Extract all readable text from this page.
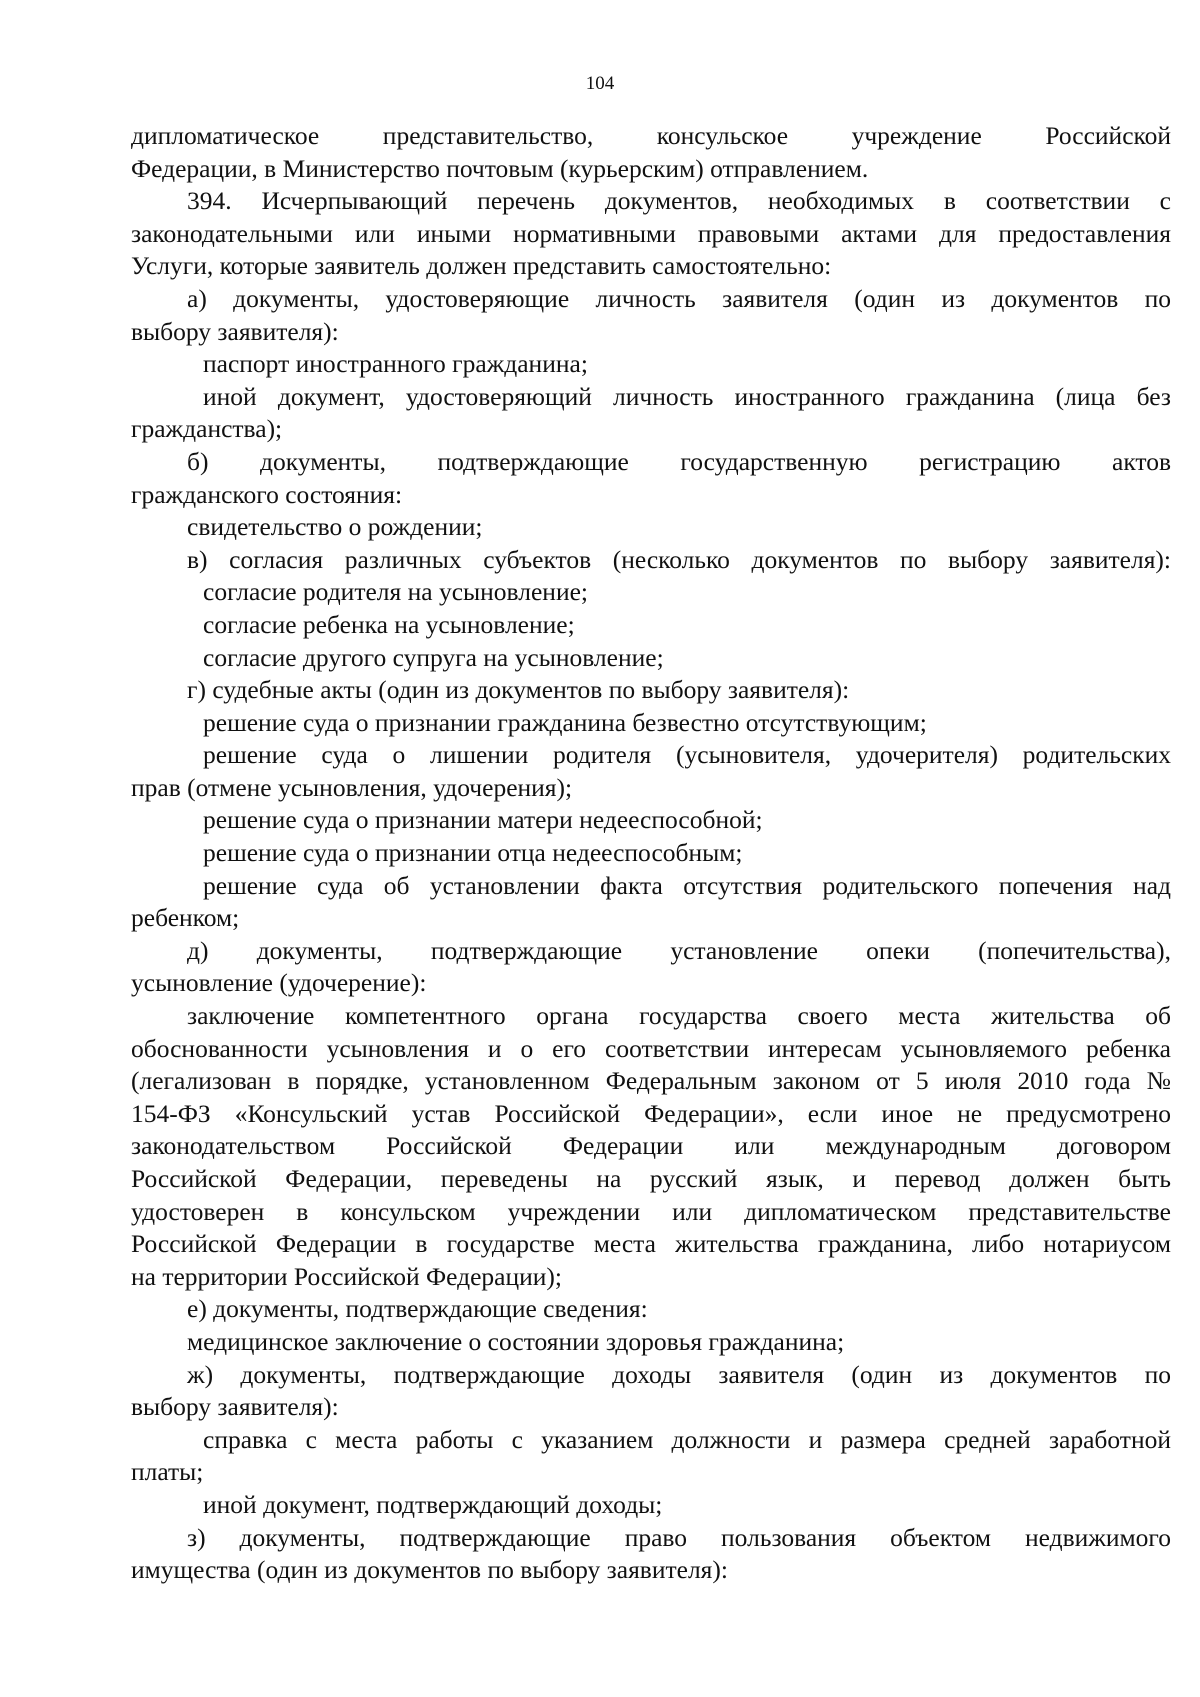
104

дипломатическое представительство, консульское учреждение Российской

Федерации, в Министерство почтовым (курьерским) отправлением.

394. Исчерпывающий перечень документов, необходимых в соответствии с

законодательными или иными нормативными правовыми актами для предоставления

Услуги, которые заявитель должен представить самостоятельно:

а) документы, удостоверяющие личность заявителя (один из документов по

выбору заявителя):

паспорт иностранного гражданина;

иной документ, удостоверяющий личность иностранного гражданина (лица без

гражданства);

б) документы, подтверждающие государственную регистрацию актов

гражданского состояния:

свидетельство о рождении;

в) согласия различных субъектов (несколько документов по выбору заявителя):

согласие родителя на усыновление;

согласие ребенка на усыновление;

согласие другого супруга на усыновление;

г) судебные акты (один из документов по выбору заявителя):

решение суда о признании гражданина безвестно отсутствующим;

решение суда о лишении родителя (усыновителя, удочерителя) родительских

прав (отмене усыновления, удочерения);

решение суда о признании матери недееспособной;

решение суда о признании отца недееспособным;

решение суда об установлении факта отсутствия родительского попечения над

ребенком;

д) документы, подтверждающие установление опеки (попечительства),

усыновление (удочерение):

заключение компетентного органа государства своего места жительства об

обоснованности усыновления и о его соответствии интересам усыновляемого ребенка

(легализован в порядке, установленном Федеральным законом от 5 июля 2010 года №

154-ФЗ «Консульский устав Российской Федерации», если иное не предусмотрено

законодательством Российской Федерации или международным договором

Российской Федерации, переведены на русский язык, и перевод должен быть

удостоверен в консульском учреждении или дипломатическом представительстве

Российской Федерации в государстве места жительства гражданина, либо нотариусом

на территории Российской Федерации);

е) документы, подтверждающие сведения:

медицинское заключение о состоянии здоровья гражданина;

ж) документы, подтверждающие доходы заявителя (один из документов по

выбору заявителя):

справка с места работы с указанием должности и размера средней заработной

платы;

иной документ, подтверждающий доходы;

з) документы, подтверждающие право пользования объектом недвижимого

имущества (один из документов по выбору заявителя):
